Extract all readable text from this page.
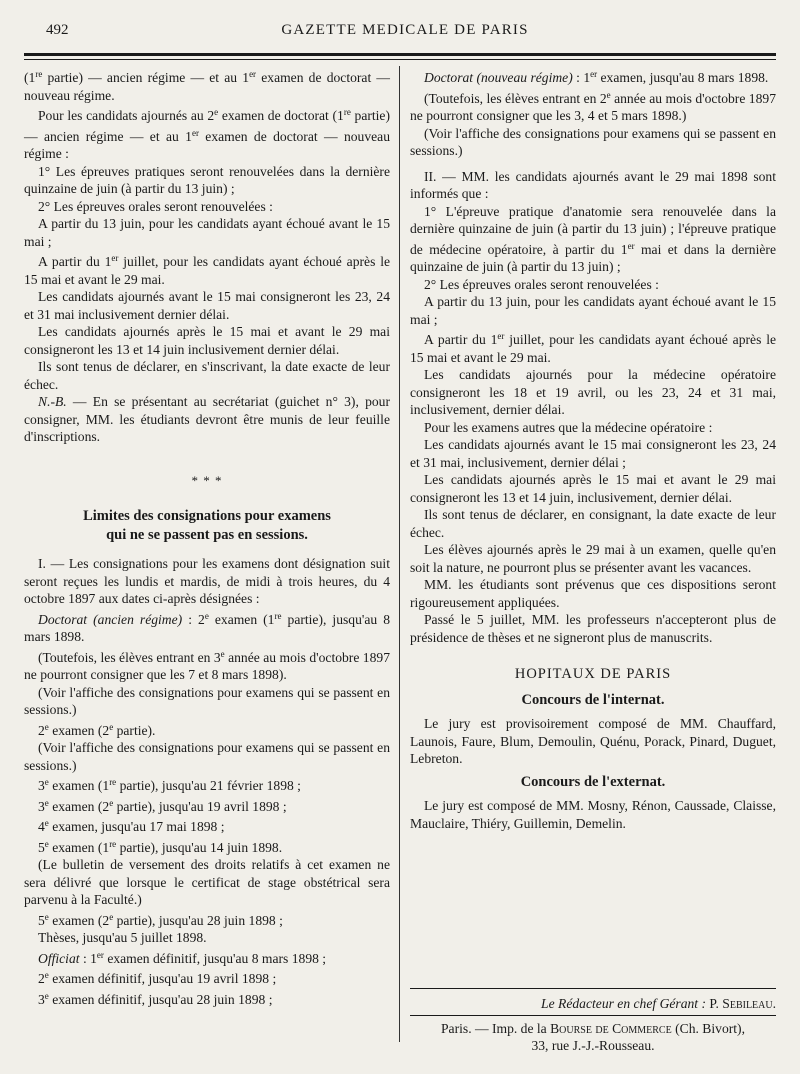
492	GAZETTE MEDICALE DE PARIS

(1re partie) — ancien régime — et au 1er examen de doctorat — nouveau régime.

Pour les candidats ajournés au 2e examen de doctorat (1re partie) — ancien régime — et au 1er examen de doctorat — nouveau régime :

1° Les épreuves pratiques seront renouvelées dans la dernière quinzaine de juin (à partir du 13 juin) ;

2° Les épreuves orales seront renouvelées :

A partir du 13 juin, pour les candidats ayant échoué avant le 15 mai ;

A partir du 1er juillet, pour les candidats ayant échoué après le 15 mai et avant le 29 mai.

Les candidats ajournés avant le 15 mai consigneront les 23, 24 et 31 mai inclusivement dernier délai.

Les candidats ajournés après le 15 mai et avant le 29 mai consigneront les 13 et 14 juin inclusivement dernier délai.

Ils sont tenus de déclarer, en s'inscrivant, la date exacte de leur échec.

N.-B. — En se présentant au secrétariat (guichet n° 3), pour consigner, MM. les étudiants devront être munis de leur feuille d'inscriptions.

* * *
Limites des consignations pour examens
qui ne se passent pas en sessions.

I. — Les consignations pour les examens dont désignation suit seront reçues les lundis et mardis, de midi à trois heures, du 4 octobre 1897 aux dates ci-après désignées :

Doctorat (ancien régime) : 2e examen (1re partie), jusqu'au 8 mars 1898.

(Toutefois, les élèves entrant en 3e année au mois d'octobre 1897 ne pourront consigner que les 7 et 8 mars 1898).

(Voir l'affiche des consignations pour examens qui se passent en sessions.)

2e examen (2e partie).

(Voir l'affiche des consignations pour examens qui se passent en sessions.)

3e examen (1re partie), jusqu'au 21 février 1898 ;

3e examen (2e partie), jusqu'au 19 avril 1898 ;

4e examen, jusqu'au 17 mai 1898 ;

5e examen (1re partie), jusqu'au 14 juin 1898.

(Le bulletin de versement des droits relatifs à cet examen ne sera délivré que lorsque le certificat de stage obstétrical sera parvenu à la Faculté.)

5e examen (2e partie), jusqu'au 28 juin 1898 ;

Thèses, jusqu'au 5 juillet 1898.

Officiat : 1er examen définitif, jusqu'au 8 mars 1898 ;

2e examen définitif, jusqu'au 19 avril 1898 ;

3e examen définitif, jusqu'au 28 juin 1898 ;

Doctorat (nouveau régime) : 1er examen, jusqu'au 8 mars 1898.

(Toutefois, les élèves entrant en 2e année au mois d'octobre 1897 ne pourront consigner que les 3, 4 et 5 mars 1898.)

(Voir l'affiche des consignations pour examens qui se passent en sessions.)

II. — MM. les candidats ajournés avant le 29 mai 1898 sont informés que :

1° L'épreuve pratique d'anatomie sera renouvelée dans la dernière quinzaine de juin (à partir du 13 juin) ; l'épreuve pratique de médecine opératoire, à partir du 1er mai et dans la dernière quinzaine de juin (à partir du 13 juin) ;

2° Les épreuves orales seront renouvelées :

A partir du 13 juin, pour les candidats ayant échoué avant le 15 mai ;

A partir du 1er juillet, pour les candidats ayant échoué après le 15 mai et avant le 29 mai.

Les candidats ajournés pour la médecine opératoire consigneront les 18 et 19 avril, ou les 23, 24 et 31 mai, inclusivement, dernier délai.

Pour les examens autres que la médecine opératoire :

Les candidats ajournés avant le 15 mai consigneront les 23, 24 et 31 mai, inclusivement, dernier délai ;

Les candidats ajournés après le 15 mai et avant le 29 mai consigneront les 13 et 14 juin, inclusivement, dernier délai.

Ils sont tenus de déclarer, en consignant, la date exacte de leur échec.

Les élèves ajournés après le 29 mai à un examen, quelle qu'en soit la nature, ne pourront plus se présenter avant les vacances.

MM. les étudiants sont prévenus que ces dispositions seront rigoureusement appliquées.

Passé le 5 juillet, MM. les professeurs n'accepteront plus de présidence de thèses et ne signeront plus de manuscrits.

HOPITAUX DE PARIS
Concours de l'internat.

Le jury est provisoirement composé de MM. Chauffard, Launois, Faure, Blum, Demoulin, Quénu, Porack, Pinard, Duguet, Lebreton.

Concours de l'externat.

Le jury est composé de MM. Mosny, Rénon, Caussade, Claisse, Mauclaire, Thiéry, Guillemin, Demelin.

Le Rédacteur en chef Gérant : P. Sebileau.
Paris. — Imp. de la Bourse de Commerce (Ch. Bivort),
33, rue J.-J.-Rousseau.
